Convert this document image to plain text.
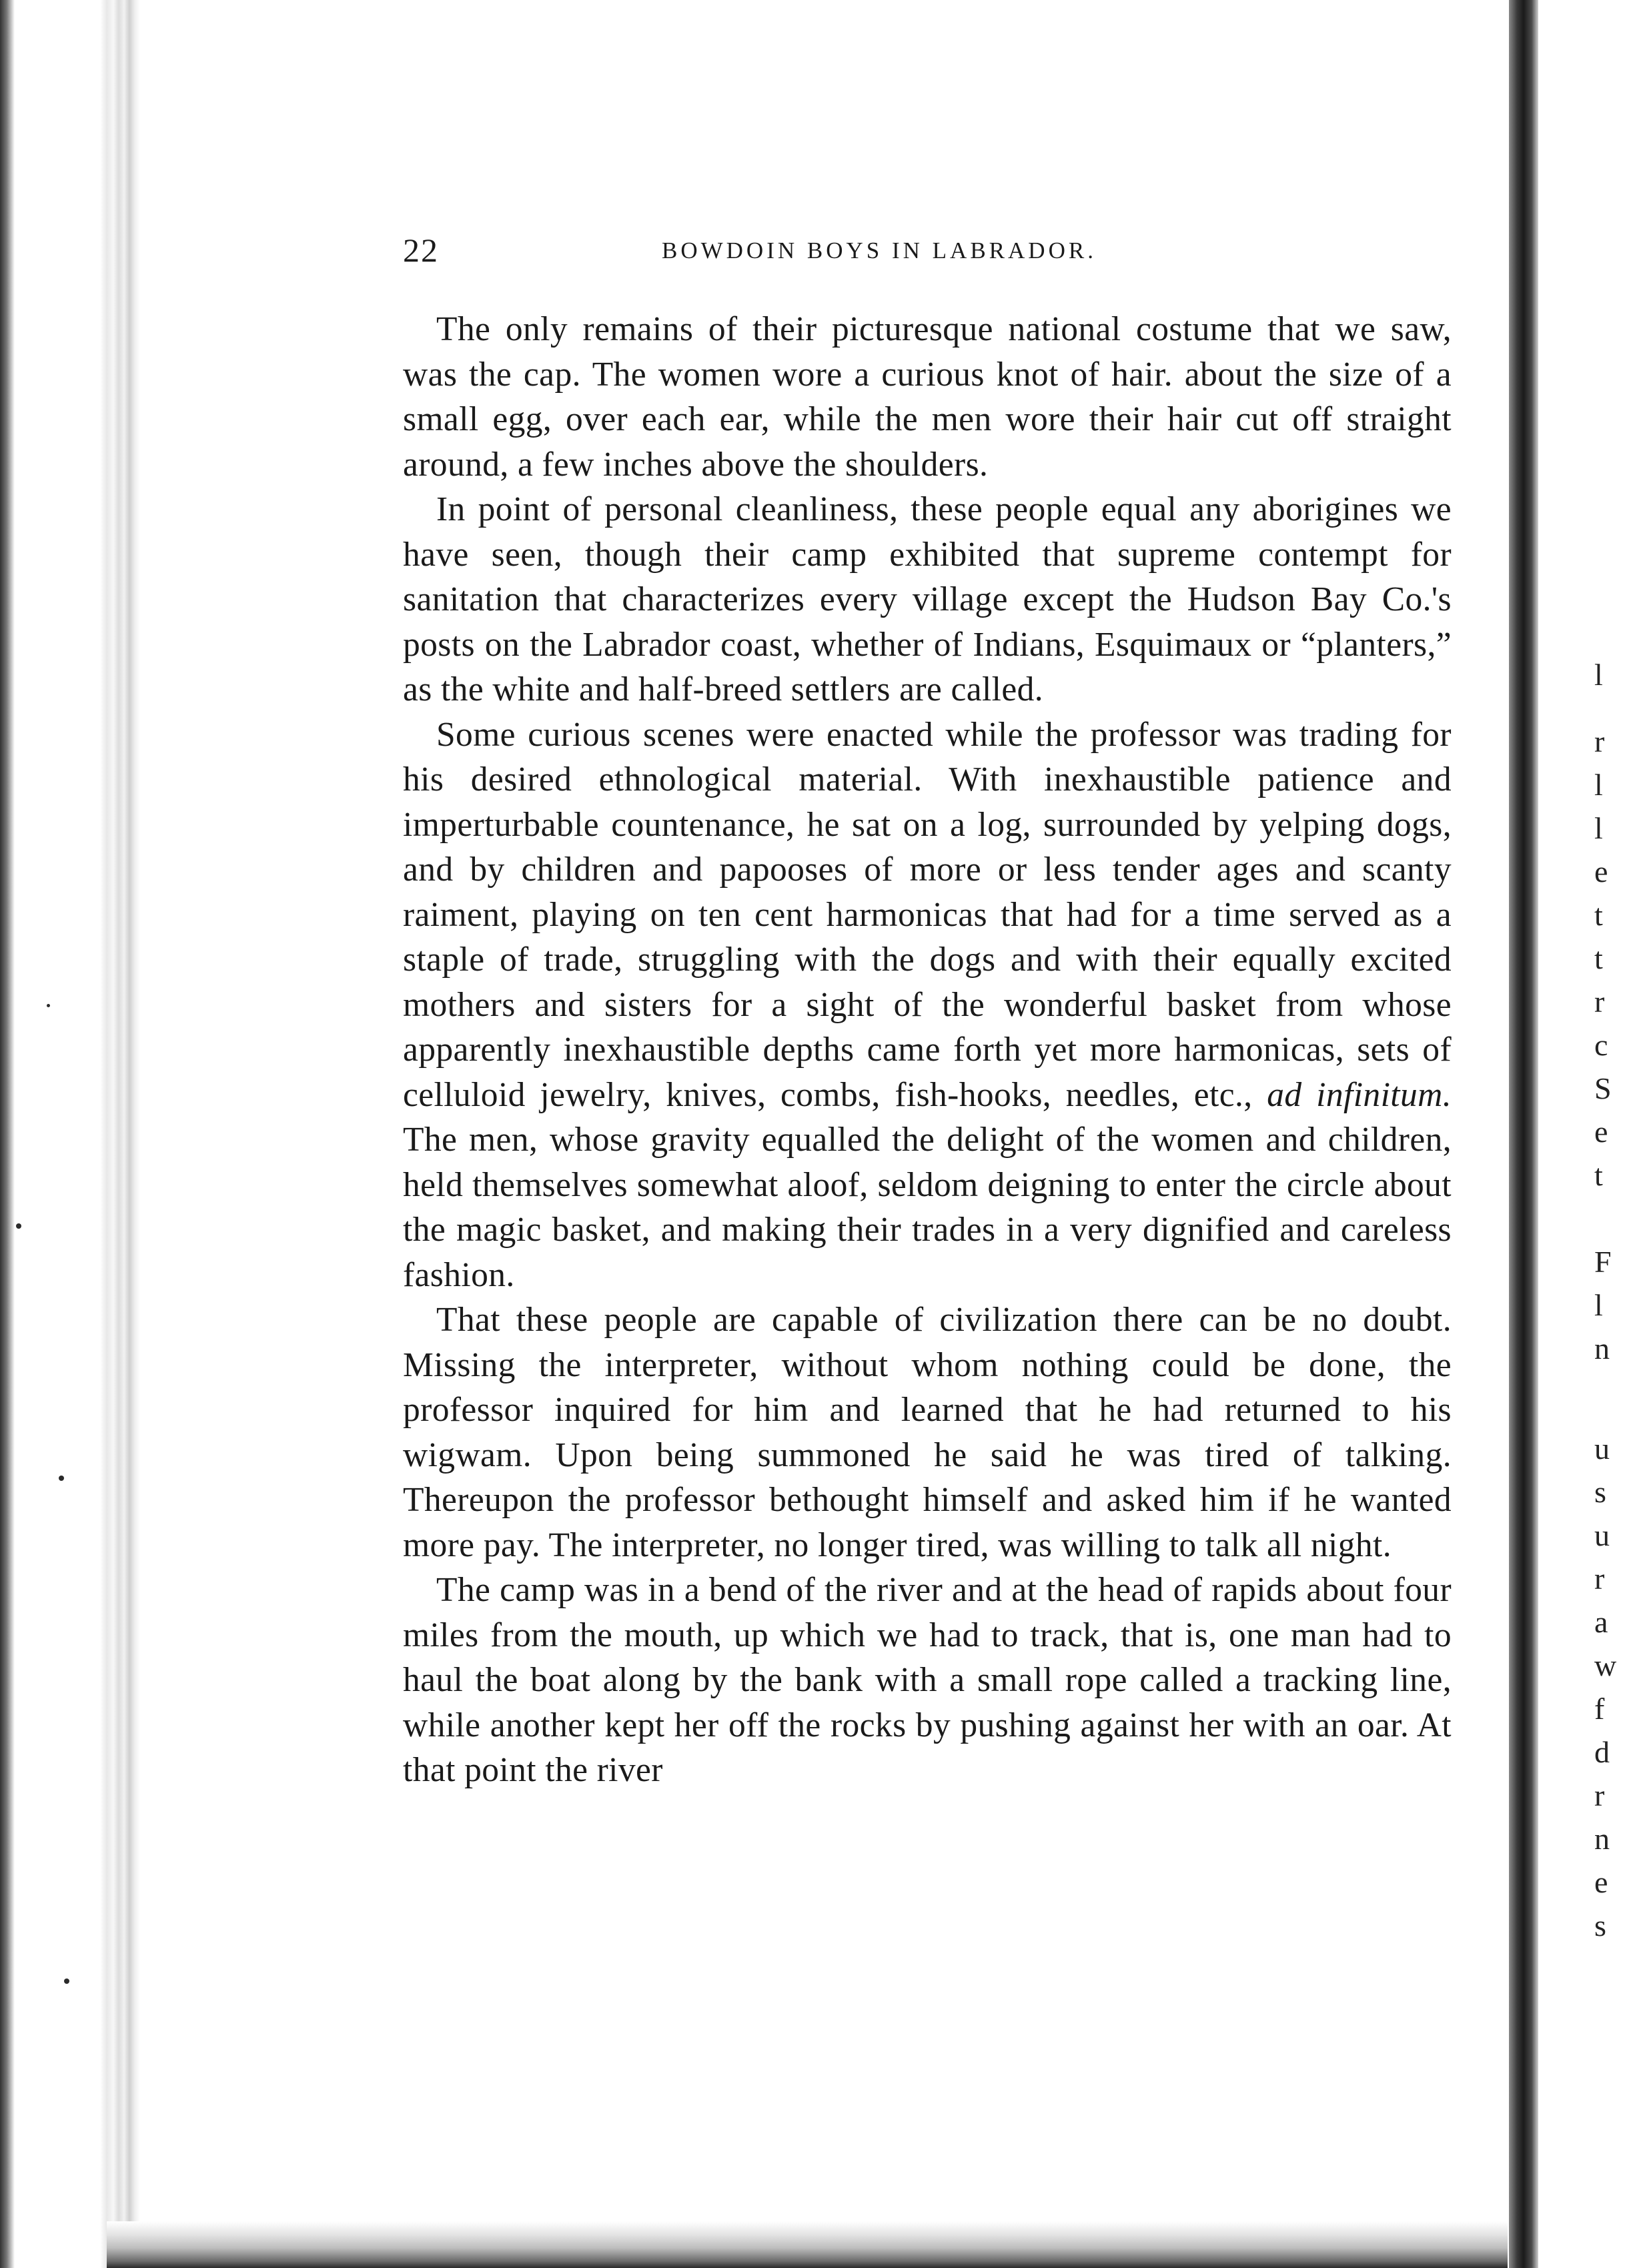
l
r
l
l
e
t
t
r
c
S
e
t
F
l
n
u
s
u
r
a
w
f
d
r
n
e
s
22	BOWDOIN BOYS IN LABRADOR.

The only remains of their picturesque national costume that we saw, was the cap. The women wore a curious knot of hair. about the size of a small egg, over each ear, while the men wore their hair cut off straight around, a few inches above the shoulders.

In point of personal cleanliness, these people equal any aborigines we have seen, though their camp exhibited that supreme contempt for sanitation that characterizes every village except the Hudson Bay Co.'s posts on the Labrador coast, whether of Indians, Esquimaux or “planters,” as the white and half-breed settlers are called.

Some curious scenes were enacted while the professor was trading for his desired ethnological material. With inexhaustible patience and imperturbable countenance, he sat on a log, surrounded by yelping dogs, and by children and papooses of more or less tender ages and scanty raiment, playing on ten cent harmonicas that had for a time served as a staple of trade, struggling with the dogs and with their equally excited mothers and sisters for a sight of the wonderful basket from whose apparently inexhaustible depths came forth yet more harmonicas, sets of celluloid jewelry, knives, combs, fish-hooks, needles, etc., ad infinitum. The men, whose gravity equalled the delight of the women and children, held themselves somewhat aloof, seldom deigning to enter the circle about the magic basket, and making their trades in a very dignified and careless fashion.

That these people are capable of civilization there can be no doubt. Missing the interpreter, without whom nothing could be done, the professor inquired for him and learned that he had returned to his wigwam. Upon being summoned he said he was tired of talking. Thereupon the professor bethought himself and asked him if he wanted more pay. The interpreter, no longer tired, was willing to talk all night.

The camp was in a bend of the river and at the head of rapids about four miles from the mouth, up which we had to track, that is, one man had to haul the boat along by the bank with a small rope called a tracking line, while another kept her off the rocks by pushing against her with an oar. At that point the river
